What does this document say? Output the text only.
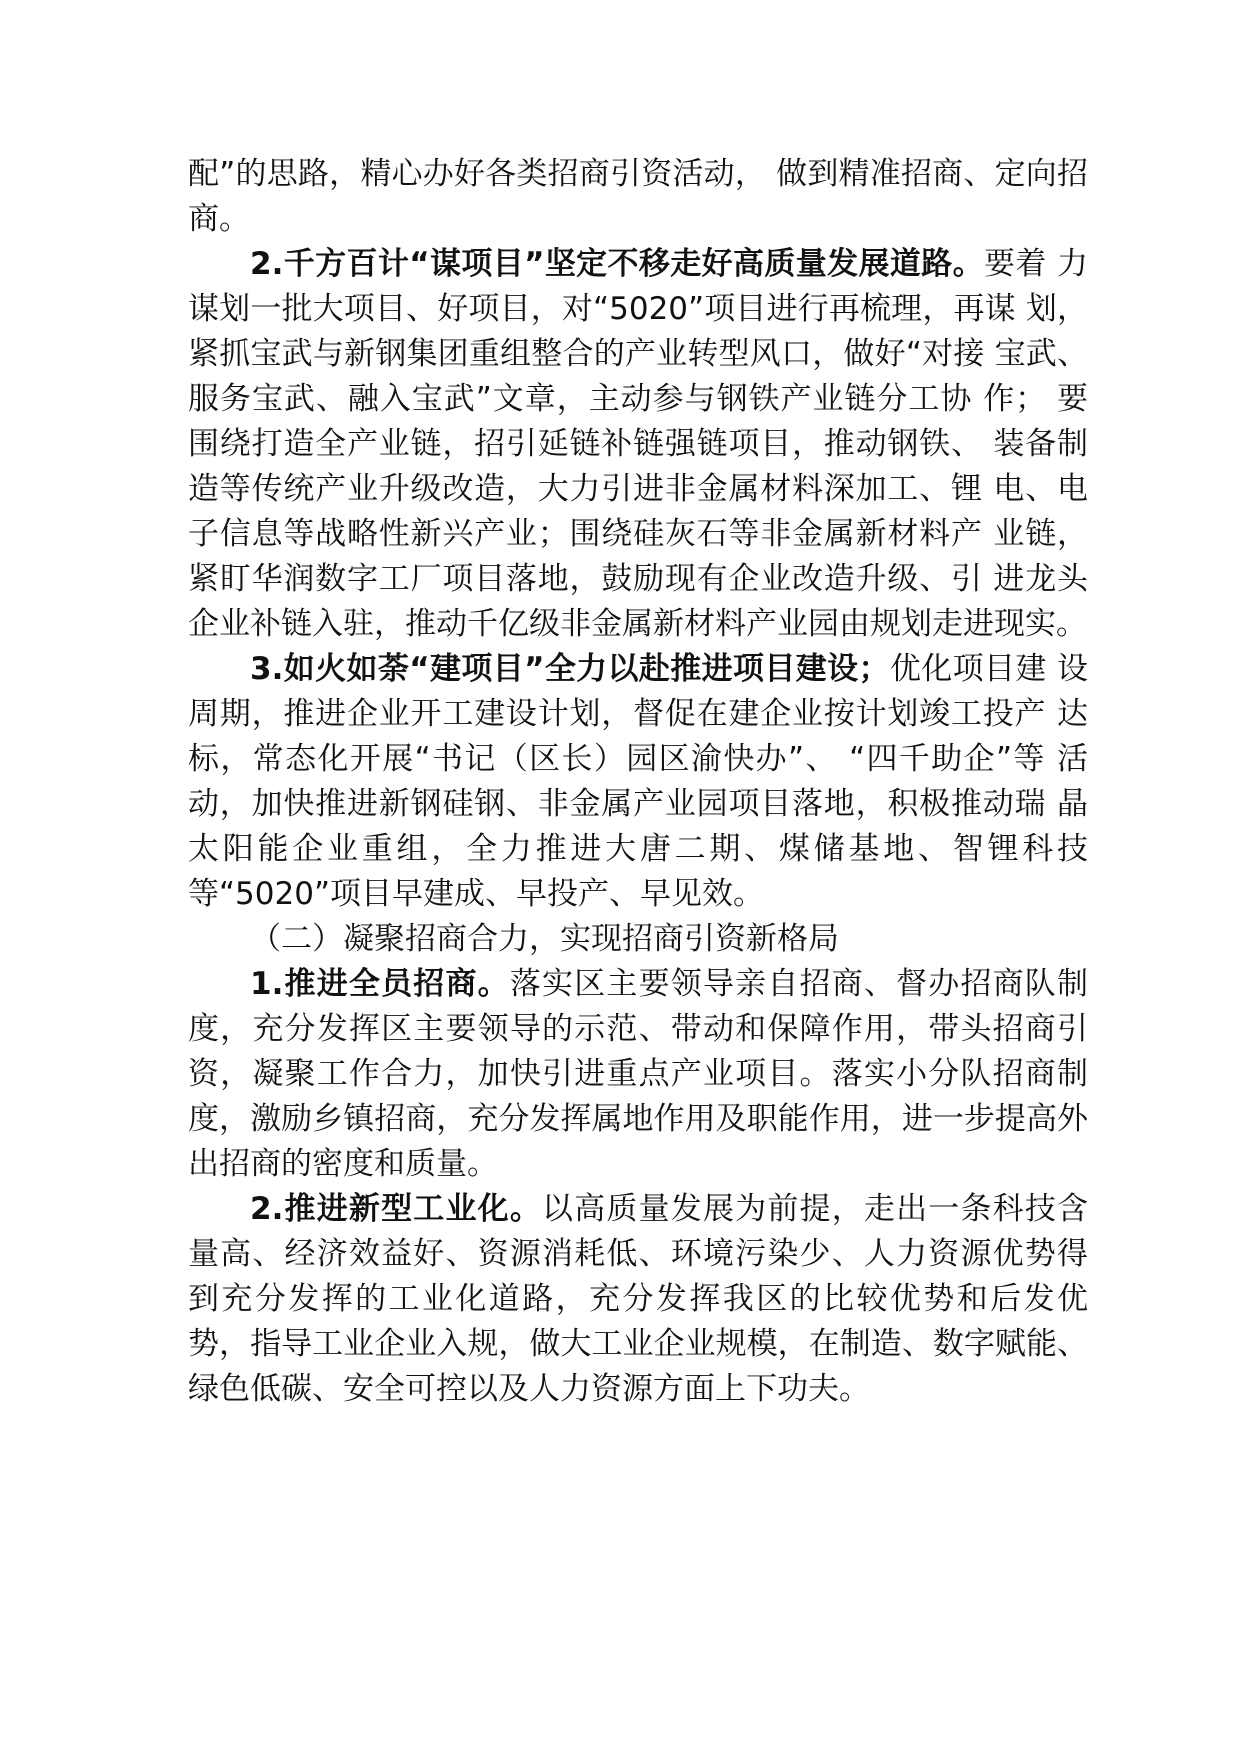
配”的思路，精心办好各类招商引资活动， 做到精准招商、定向招商。

2.千方百计“谋项目”坚定不移走好高质量发展道路。要着 力谋划一批大项目、好项目，对“5020”项目进行再梳理，再谋 划，紧抓宝武与新钢集团重组整合的产业转型风口，做好“对接 宝武、服务宝武、融入宝武”文章，主动参与钢铁产业链分工协 作； 要围绕打造全产业链，招引延链补链强链项目，推动钢铁、 装备制造等传统产业升级改造，大力引进非金属材料深加工、锂 电、电子信息等战略性新兴产业；围绕硅灰石等非金属新材料产 业链，紧盯华润数字工厂项目落地，鼓励现有企业改造升级、引 进龙头企业补链入驻，推动千亿级非金属新材料产业园由规划走进现实。

3.如火如荼“建项目”全力以赴推进项目建设；优化项目建 设周期，推进企业开工建设计划，督促在建企业按计划竣工投产 达标，常态化开展“书记（区长）园区渝快办”、 “四千助企”等 活动，加快推进新钢硅钢、非金属产业园项目落地，积极推动瑞 晶太阳能企业重组，全力推进大唐二期、煤储基地、智锂科技等“5020”项目早建成、早投产、早见效。

（二）凝聚招商合力，实现招商引资新格局

1.推进全员招商。落实区主要领导亲自招商、督办招商队制 度，充分发挥区主要领导的示范、带动和保障作用，带头招商引 资，凝聚工作合力，加快引进重点产业项目。落实小分队招商制度，激励乡镇招商，充分发挥属地作用及职能作用，进一步提高外出招商的密度和质量。

2.推进新型工业化。以高质量发展为前提，走出一条科技含 量高、经济效益好、资源消耗低、环境污染少、人力资源优势得 到充分发挥的工业化道路，充分发挥我区的比较优势和后发优 势，指导工业企业入规，做大工业企业规模，在制造、数字赋能、绿色低碳、安全可控以及人力资源方面上下功夫。
